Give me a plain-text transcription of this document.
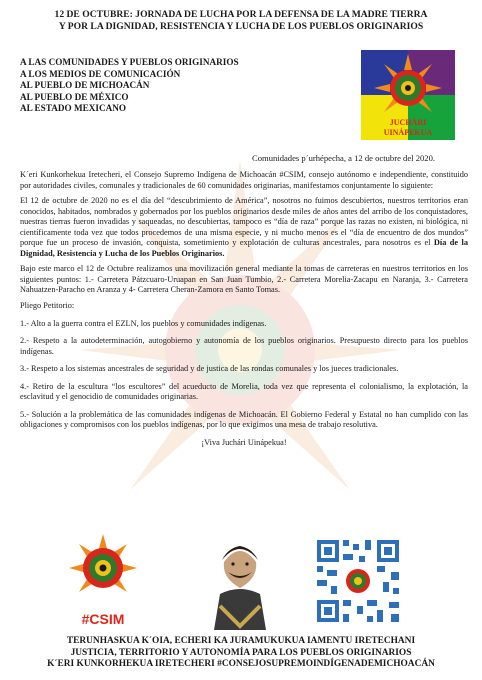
12 DE OCTUBRE: JORNADA DE LUCHA POR LA DEFENSA DE LA MADRE TIERRA
Y POR LA DIGNIDAD, RESISTENCIA Y LUCHA DE LOS PUEBLOS ORIGINARIOS
A LAS COMUNIDADES Y PUEBLOS ORIGINARIOS
A LOS MEDIOS DE COMUNICACIÓN
AL PUEBLO DE MICHOACÁN
AL PUEBLO DE MÉXICO
AL ESTADO MEXICANO
JUCHÁRI
UINÁPEKUA
Comunidades p´urhépecha, a 12 de octubre del 2020.

K´eri Kunkorhekua Iretecheri, el Consejo Supremo Indígena de Michoacán #CSIM, consejo autónomo e independiente, constituido por autoridades civiles, comunales y tradicionales de 60 comunidades originarias, manifestamos conjuntamente lo siguiente:

El 12 de octubre de 2020 no es el día del “descubrimiento de América”, nosotros no fuimos descubiertos, nuestros territorios eran conocidos, habitados, nombrados y gobernados por los pueblos originarios desde miles de años antes del arribo de los conquistadores, nuestras tierras fueron invadidas y saqueadas, no descubiertas, tampoco es “día de raza” porque las razas no existen, ni biológica, ni científicamente toda vez que todos procedemos de una misma especie, y ni mucho menos es el “día de encuentro de dos mundos” porque fue un proceso de invasión, conquista, sometimiento y explotación de culturas ancestrales, para nosotros es el Día de la Dignidad, Resistencia y Lucha de los Pueblos Originarios.

Bajo este marco el 12 de Octubre realizamos una movilización general mediante la tomas de carreteras en nuestros territorios en los siguientes puntos: 1.- Carretera Pátzcuaro-Uruapan en San Juan Tumbio, 2.- Carretera Morelia-Zacapu en Naranja, 3.- Carretera Nahuatzen-Paracho en Aranza y 4- Carretera Cheran-Zamora en Santo Tomas.

Pliego Petitorio:

1.- Alto a la guerra contra el EZLN, los pueblos y comunidades indígenas.

2.- Respeto a la autodeterminación, autogobierno y autonomía de los pueblos originarios. Presupuesto directo para los pueblos indígenas.

3.- Respeto a los sistemas ancestrales de seguridad y de justica de las rondas comunales y los jueces tradicionales.

4.- Retiro de la escultura “los escultores” del acueducto de Morelia, toda vez que representa el colonialismo, la explotación, la esclavitud y el genocidio de comunidades originarias.

5.- Solución a la problemática de las comunidades indígenas de Michoacán. El Gobierno Federal y Estatal no han cumplido con las obligaciones y compromisos con los pueblos indígenas, por lo que exigimos una mesa de trabajo resolutiva.

¡Viva Juchári Uinápekua!

#CSIM
TERUNHASKUA K´OIA, ECHERI KA JURAMUKUKUA IAMENTU IRETECHANI
JUSTICIA, TERRITORIO Y AUTONOMÍA PARA LOS PUEBLOS ORIGINARIOS
K´ERI KUNKORHEKUA IRETECHERI #CONSEJOSUPREMOINDÍGENADEMICHOACÁN
